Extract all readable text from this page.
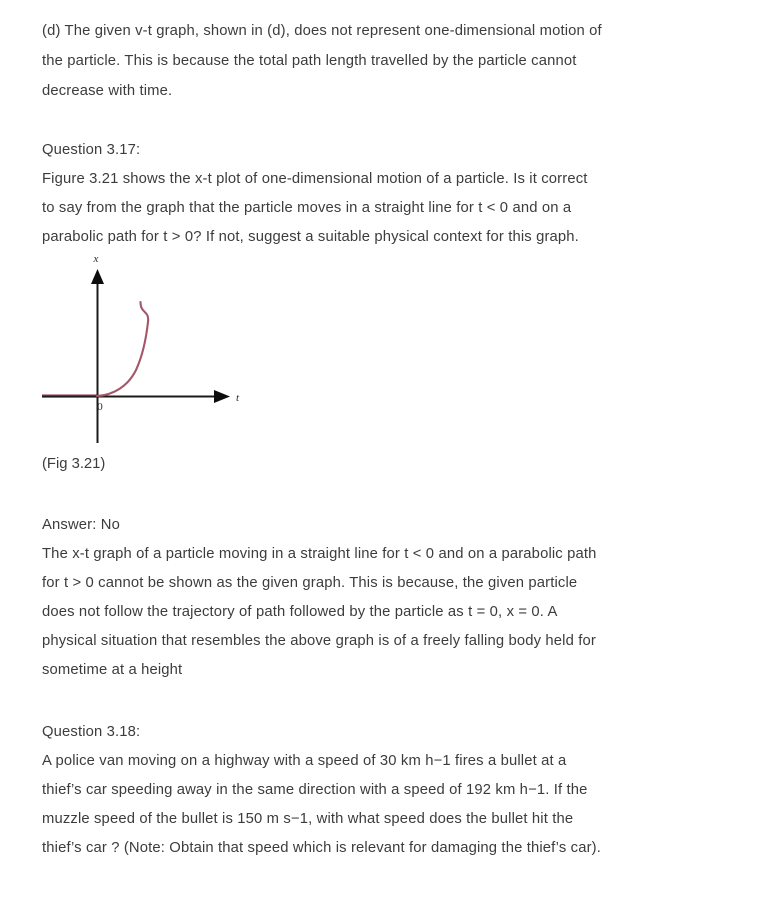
(d) The given v-t graph, shown in (d), does not represent one-dimensional motion of
the particle. This is because the total path length travelled by the particle cannot
decrease with time.
Question 3.17:
Figure 3.21 shows the x-t plot of one-dimensional motion of a particle. Is it correct
to say from the graph that the particle moves in a straight line for t < 0 and on a
parabolic path for t > 0? If not, suggest a suitable physical context for this graph.
x
t
0
(Fig 3.21)
Answer: No
The x-t graph of a particle moving in a straight line for t < 0 and on a parabolic path
for t > 0 cannot be shown as the given graph. This is because, the given particle
does not follow the trajectory of path followed by the particle as t = 0, x = 0. A
physical situation that resembles the above graph is of a freely falling body held for
sometime at a height
Question 3.18:
A police van moving on a highway with a speed of 30 km h−1 fires a bullet at a
thief’s car speeding away in the same direction with a speed of 192 km h−1. If the
muzzle speed of the bullet is 150 m s−1, with what speed does the bullet hit the
thief’s car ? (Note: Obtain that speed which is relevant for damaging the thief’s car).
